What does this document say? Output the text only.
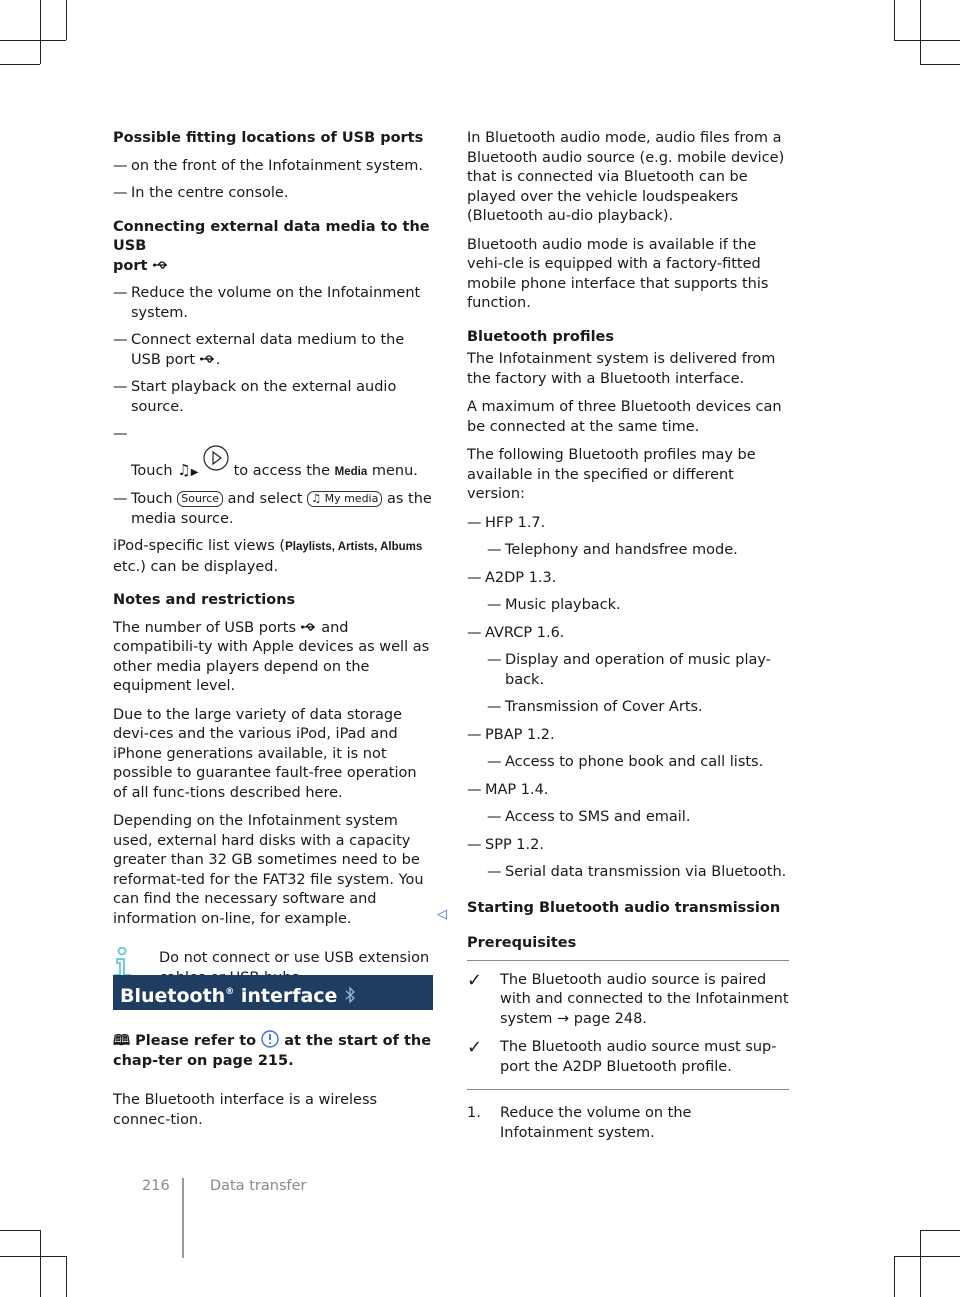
Possible fitting locations of USB ports
— on the front of the Infotainment system.
— In the centre console.
Connecting external data media to the USB
port
— Reduce the volume on the Infotainment system.
— Connect external data medium to the USB port .
— Start playback on the external audio source.
—

Touch ♫▶ to access the Media menu.
— Touch Source and select ♫ My media as the media source.

iPod-specific list views (Playlists, Artists, Albums
etc.) can be displayed.

Notes and restrictions

The number of USB ports and compatibili-ty with Apple devices as well as other media players depend on the equipment level.

Due to the large variety of data storage devi-ces and the various iPod, iPad and iPhone generations available, it is not possible to guarantee fault-free operation of all func-tions described here.

Depending on the Infotainment system used, external hard disks with a capacity greater than 32 GB sometimes need to be reformat-ted for the FAT32 file system. You can find the necessary software and information on-line, for example.

Do not connect or use USB extension
◁
Bluetooth® interface

🕮 Please refer to at the start of the chap-ter on page 215.

The Bluetooth interface is a wireless connec-tion.

In Bluetooth audio mode, audio files from a Bluetooth audio source (e.g. mobile device) that is connected via Bluetooth can be played over the vehicle loudspeakers (Bluetooth au-dio playback).

Bluetooth audio mode is available if the vehi-cle is equipped with a factory-fitted mobile phone interface that supports this function.

Bluetooth profiles

The Infotainment system is delivered from the factory with a Bluetooth interface.

A maximum of three Bluetooth devices can be connected at the same time.

The following Bluetooth profiles may be available in the specified or different version:

— HFP 1.7.
— Telephony and handsfree mode.
— A2DP 1.3.
— Music playback.
— AVRCP 1.6.
— Display and operation of music play-back.
— Transmission of Cover Arts.
— PBAP 1.2.
— Access to phone book and call lists.
— MAP 1.4.
— Access to SMS and email.
— SPP 1.2.
— Serial data transmission via Bluetooth.
Starting Bluetooth audio transmission
Prerequisites
✓	The Bluetooth audio source is paired with and connected to the Infotainment system → page 248.
✓	The Bluetooth audio source must sup-port the A2DP Bluetooth profile.
1.	Reduce the volume on the Infotainment system.
216	Data transfer
